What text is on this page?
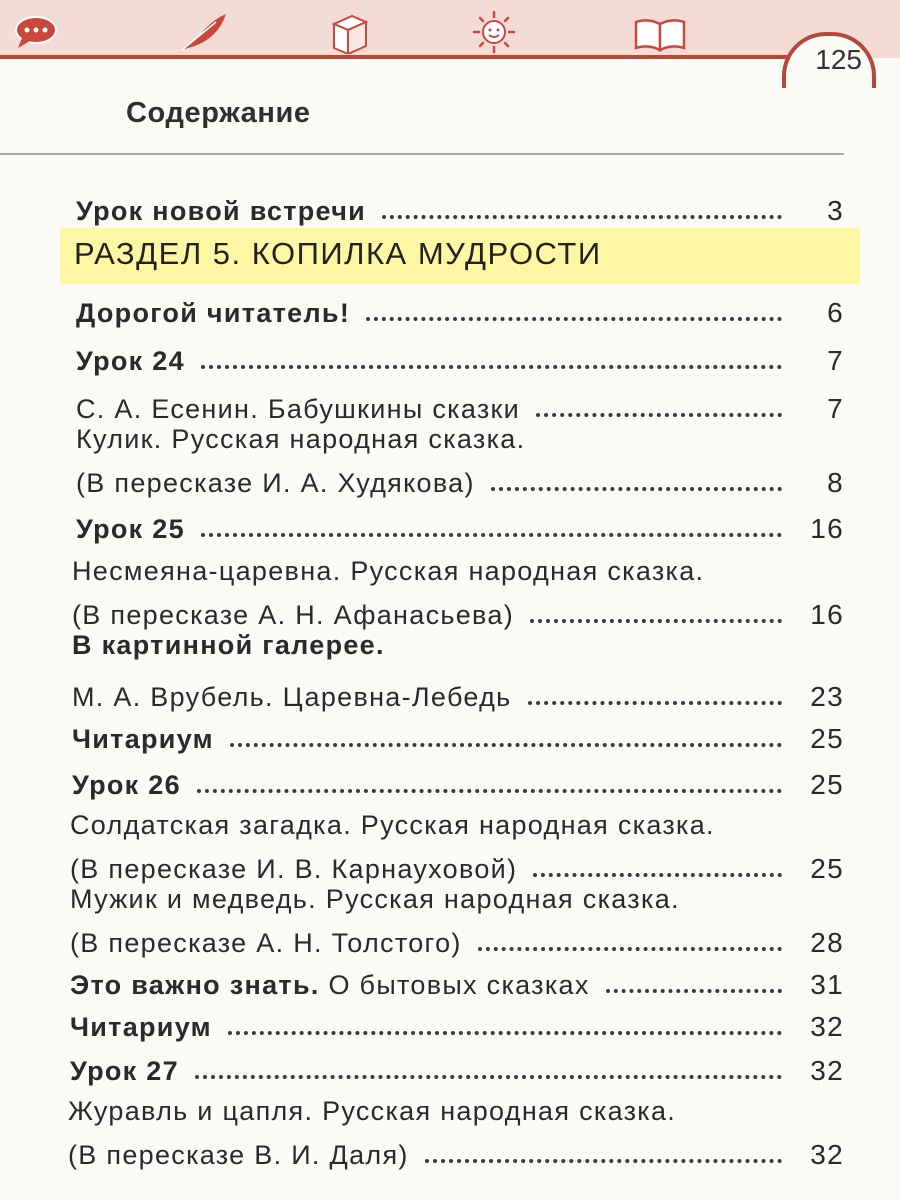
125
Содержание
Урок новой встречи	3
РАЗДЕЛ 5. КОПИЛКА МУДРОСТИ
Дорогой читатель!	6
Урок 24	7
С. А. Есенин. Бабушкины сказки	7
Кулик. Русская народная сказка.
(В пересказе И. А. Худякова)	8
Урок 25	16
Несмеяна-царевна. Русская народная сказка.
(В пересказе А. Н. Афанасьева)	16
В картинной галерее.
М. А. Врубель. Царевна-Лебедь	23
Читариум	25
Урок 26	25
Солдатская загадка. Русская народная сказка.
(В пересказе И. В. Карнауховой)	25
Мужик и медведь. Русская народная сказка.
(В пересказе А. Н. Толстого)	28
Это важно знать. О бытовых сказках	31
Читариум	32
Урок 27	32
Журавль и цапля. Русская народная сказка.
(В пересказе В. И. Даля)	32
